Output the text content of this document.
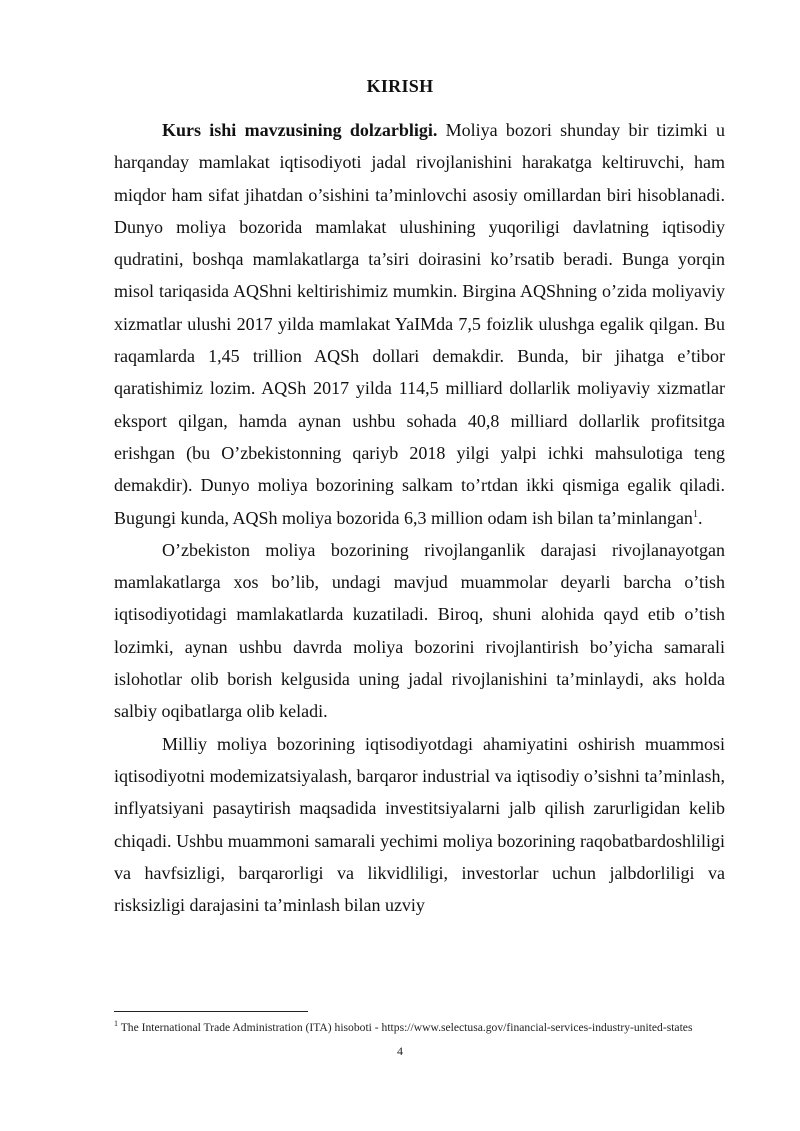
KIRISH

Kurs ishi mavzusining dolzarbligi. Moliya bozori shunday bir tizimki u harqanday mamlakat iqtisodiyoti jadal rivojlanishini harakatga keltiruvchi, ham miqdor ham sifat jihatdan o’sishini ta’minlovchi asosiy omillardan biri hisoblanadi. Dunyo moliya bozorida mamlakat ulushining yuqoriligi davlatning iqtisodiy qudratini, boshqa mamlakatlarga ta’siri doirasini ko’rsatib beradi. Bunga yorqin misol tariqasida AQShni keltirishimiz mumkin. Birgina AQShning o’zida moliyaviy xizmatlar ulushi 2017 yilda mamlakat YaIMda 7,5 foizlik ulushga egalik qilgan. Bu raqamlarda 1,45 trillion AQSh dollari demakdir. Bunda, bir jihatga e’tibor qaratishimiz lozim. AQSh 2017 yilda 114,5 milliard dollarlik moliyaviy xizmatlar eksport qilgan, hamda aynan ushbu sohada 40,8 milliard dollarlik profitsitga erishgan (bu O’zbekistonning qariyb 2018 yilgi yalpi ichki mahsulotiga teng demakdir). Dunyo moliya bozorining salkam to’rtdan ikki qismiga egalik qiladi. Bugungi kunda, AQSh moliya bozorida 6,3 million odam ish bilan ta’minlangan$^1$.

O’zbekiston moliya bozorining rivojlanganlik darajasi rivojlanayotgan mamlakatlarga xos bo’lib, undagi mavjud muammolar deyarli barcha o’tish iqtisodiyotidagi mamlakatlarda kuzatiladi. Biroq, shuni alohida qayd etib o’tish lozimki, aynan ushbu davrda moliya bozorini rivojlantirish bo’yicha samarali islohotlar olib borish kelgusida uning jadal rivojlanishini ta’minlaydi, aks holda salbiy oqibatlarga olib keladi.

Milliy moliya bozorining iqtisodiyotdagi ahamiyatini oshirish muammosi iqtisodiyotni modemizatsiyalash, barqaror industrial va iqtisodiy o’sishni ta’minlash, inflyatsiyani pasaytirish maqsadida investitsiyalarni jalb qilish zarurligidan kelib chiqadi. Ushbu muammoni samarali yechimi moliya bozorining raqobatbardoshliligi va havfsizligi, barqarorligi va likvidliligi, investorlar uchun jalbdorliligi va risksizligi darajasini ta’minlash bilan uzviy

$^1$ The International Trade Administration (ITA) hisoboti - https://www.selectusa.gov/financial-services-industry-united-states
4
